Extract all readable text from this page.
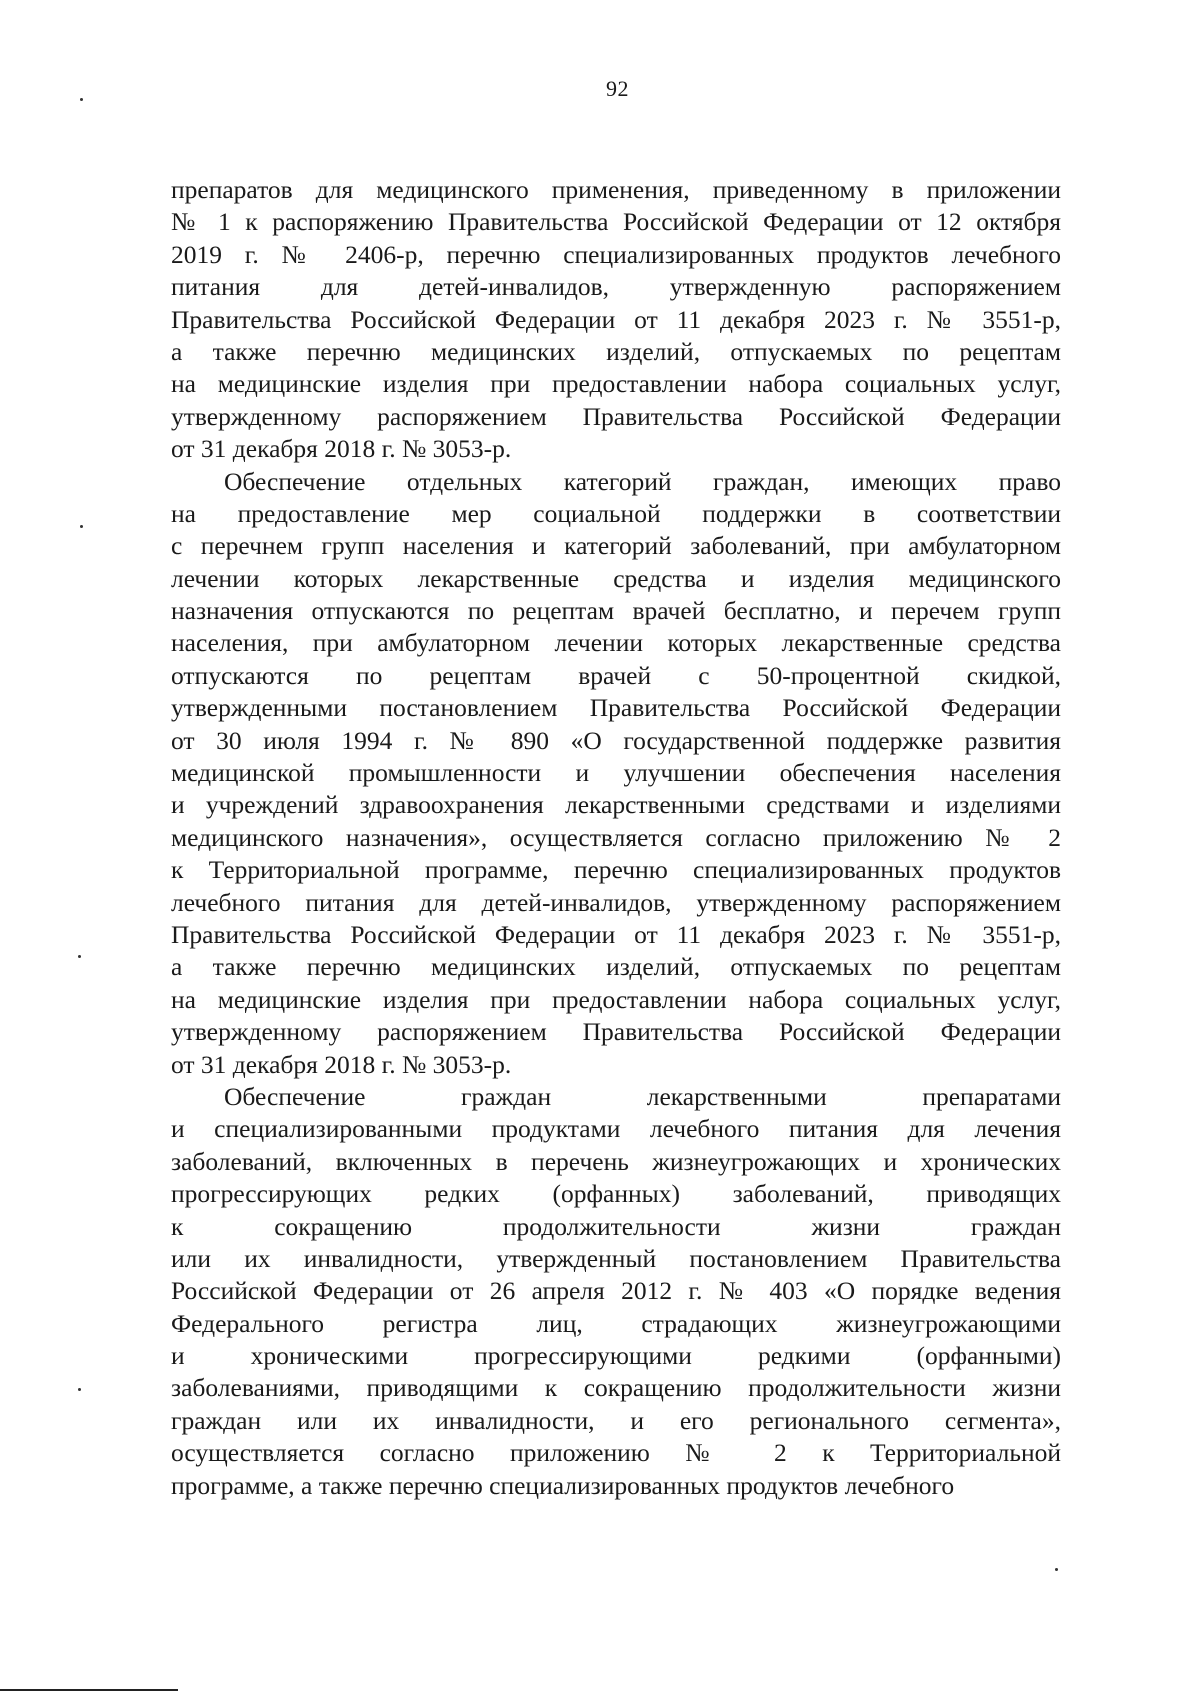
92
препаратов для медицинского применения, приведенному в приложении
№ 1 к распоряжению Правительства Российской Федерации от 12 октября
2019 г. № 2406-р, перечню специализированных продуктов лечебного
питания для детей-инвалидов, утвержденную распоряжением
Правительства Российской Федерации от 11 декабря 2023 г. № 3551-р,
а также перечню медицинских изделий, отпускаемых по рецептам
на медицинские изделия при предоставлении набора социальных услуг,
утвержденному распоряжением Правительства Российской Федерации
от 31 декабря 2018 г. № 3053-р.
Обеспечение отдельных категорий граждан, имеющих право
на предоставление мер социальной поддержки в соответствии
с перечнем групп населения и категорий заболеваний, при амбулаторном
лечении которых лекарственные средства и изделия медицинского
назначения отпускаются по рецептам врачей бесплатно, и перечем групп
населения, при амбулаторном лечении которых лекарственные средства
отпускаются по рецептам врачей с 50-процентной скидкой,
утвержденными постановлением Правительства Российской Федерации
от 30 июля 1994 г. № 890 «О государственной поддержке развития
медицинской промышленности и улучшении обеспечения населения
и учреждений здравоохранения лекарственными средствами и изделиями
медицинского назначения», осуществляется согласно приложению № 2
к Территориальной программе, перечню специализированных продуктов
лечебного питания для детей-инвалидов, утвержденному распоряжением
Правительства Российской Федерации от 11 декабря 2023 г. № 3551-р,
а также перечню медицинских изделий, отпускаемых по рецептам
на медицинские изделия при предоставлении набора социальных услуг,
утвержденному распоряжением Правительства Российской Федерации
от 31 декабря 2018 г. № 3053-р.
Обеспечение граждан лекарственными препаратами
и специализированными продуктами лечебного питания для лечения
заболеваний, включенных в перечень жизнеугрожающих и хронических
прогрессирующих редких (орфанных) заболеваний, приводящих
к сокращению продолжительности жизни граждан
или их инвалидности, утвержденный постановлением Правительства
Российской Федерации от 26 апреля 2012 г. № 403 «О порядке ведения
Федерального регистра лиц, страдающих жизнеугрожающими
и хроническими прогрессирующими редкими (орфанными)
заболеваниями, приводящими к сокращению продолжительности жизни
граждан или их инвалидности, и его регионального сегмента»,
осуществляется согласно приложению № 2 к Территориальной
программе, а также перечню специализированных продуктов лечебного
